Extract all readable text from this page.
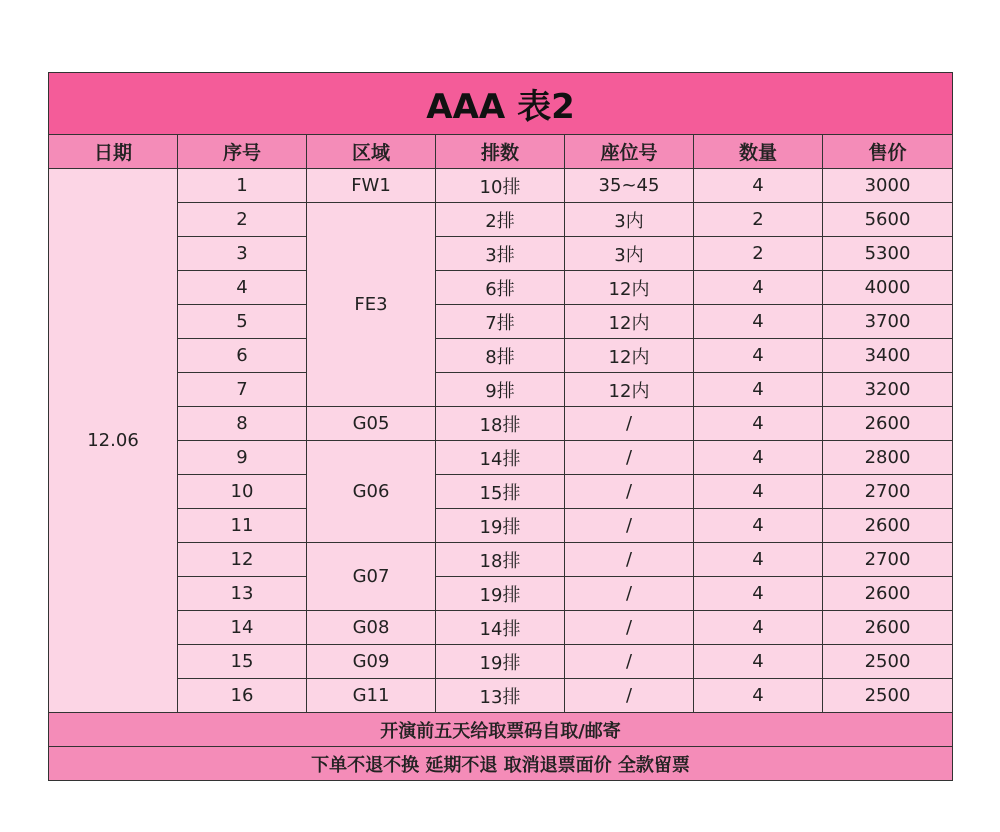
AAA 表2						
日期	序号	区域	排数	座位号	数量	售价
12.06	1	FW1	10排	35~45	4	3000
	2	FE3	2排	3内	2	5600
	3		3排	3内	2	5300
	4		6排	12内	4	4000
	5		7排	12内	4	3700
	6		8排	12内	4	3400
	7		9排	12内	4	3200
	8	G05	18排	/	4	2600
	9	G06	14排	/	4	2800
	10		15排	/	4	2700
	11		19排	/	4	2600
	12	G07	18排	/	4	2700
	13		19排	/	4	2600
	14	G08	14排	/	4	2600
	15	G09	19排	/	4	2500
	16	G11	13排	/	4	2500
开演前五天给取票码自取/邮寄						
下单不退不换 延期不退 取消退票面价 全款留票						
